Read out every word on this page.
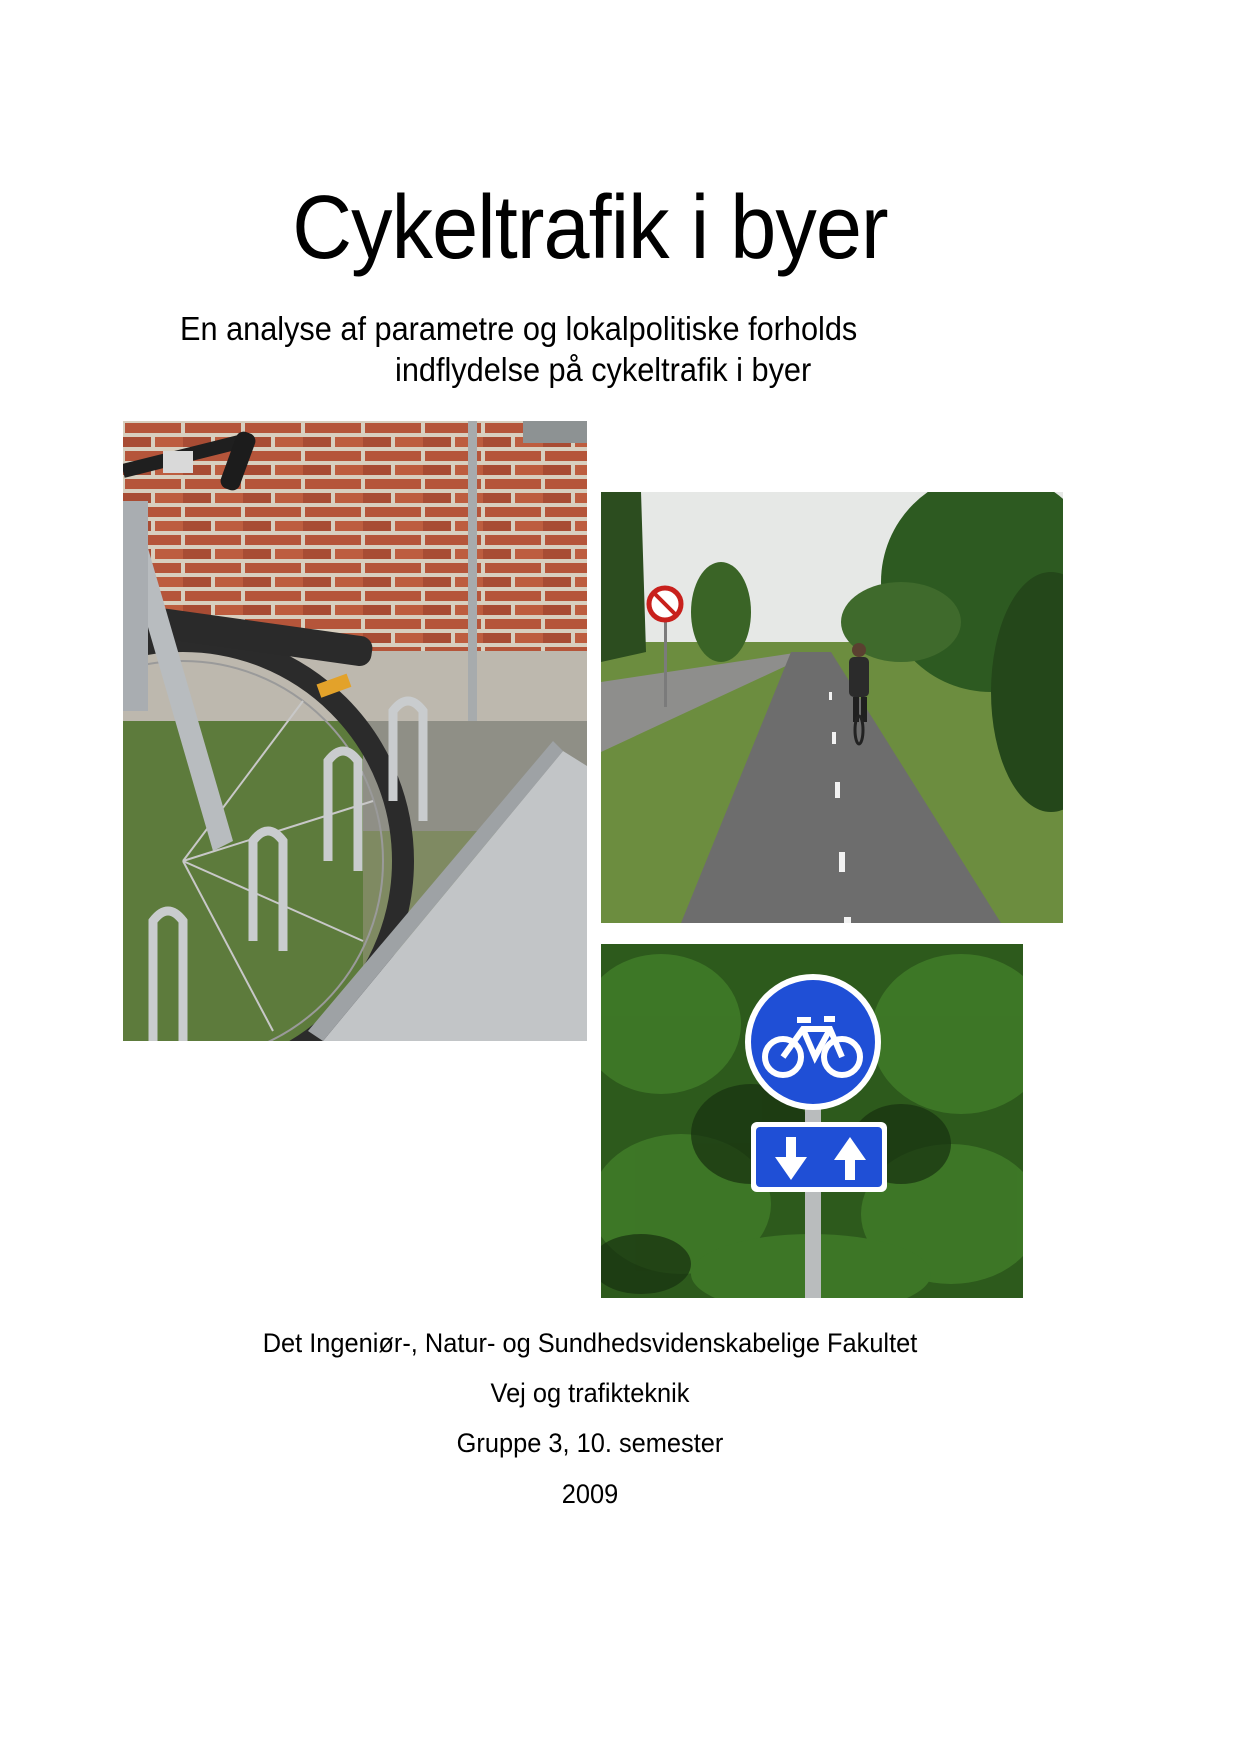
Cykeltrafik i byer
En analyse af parametre og lokalpolitiske forholds
indflydelse på cykeltrafik i byer
Det Ingeniør-, Natur- og Sundhedsvidenskabelige Fakultet
Vej og trafikteknik
Gruppe 3, 10. semester
2009
